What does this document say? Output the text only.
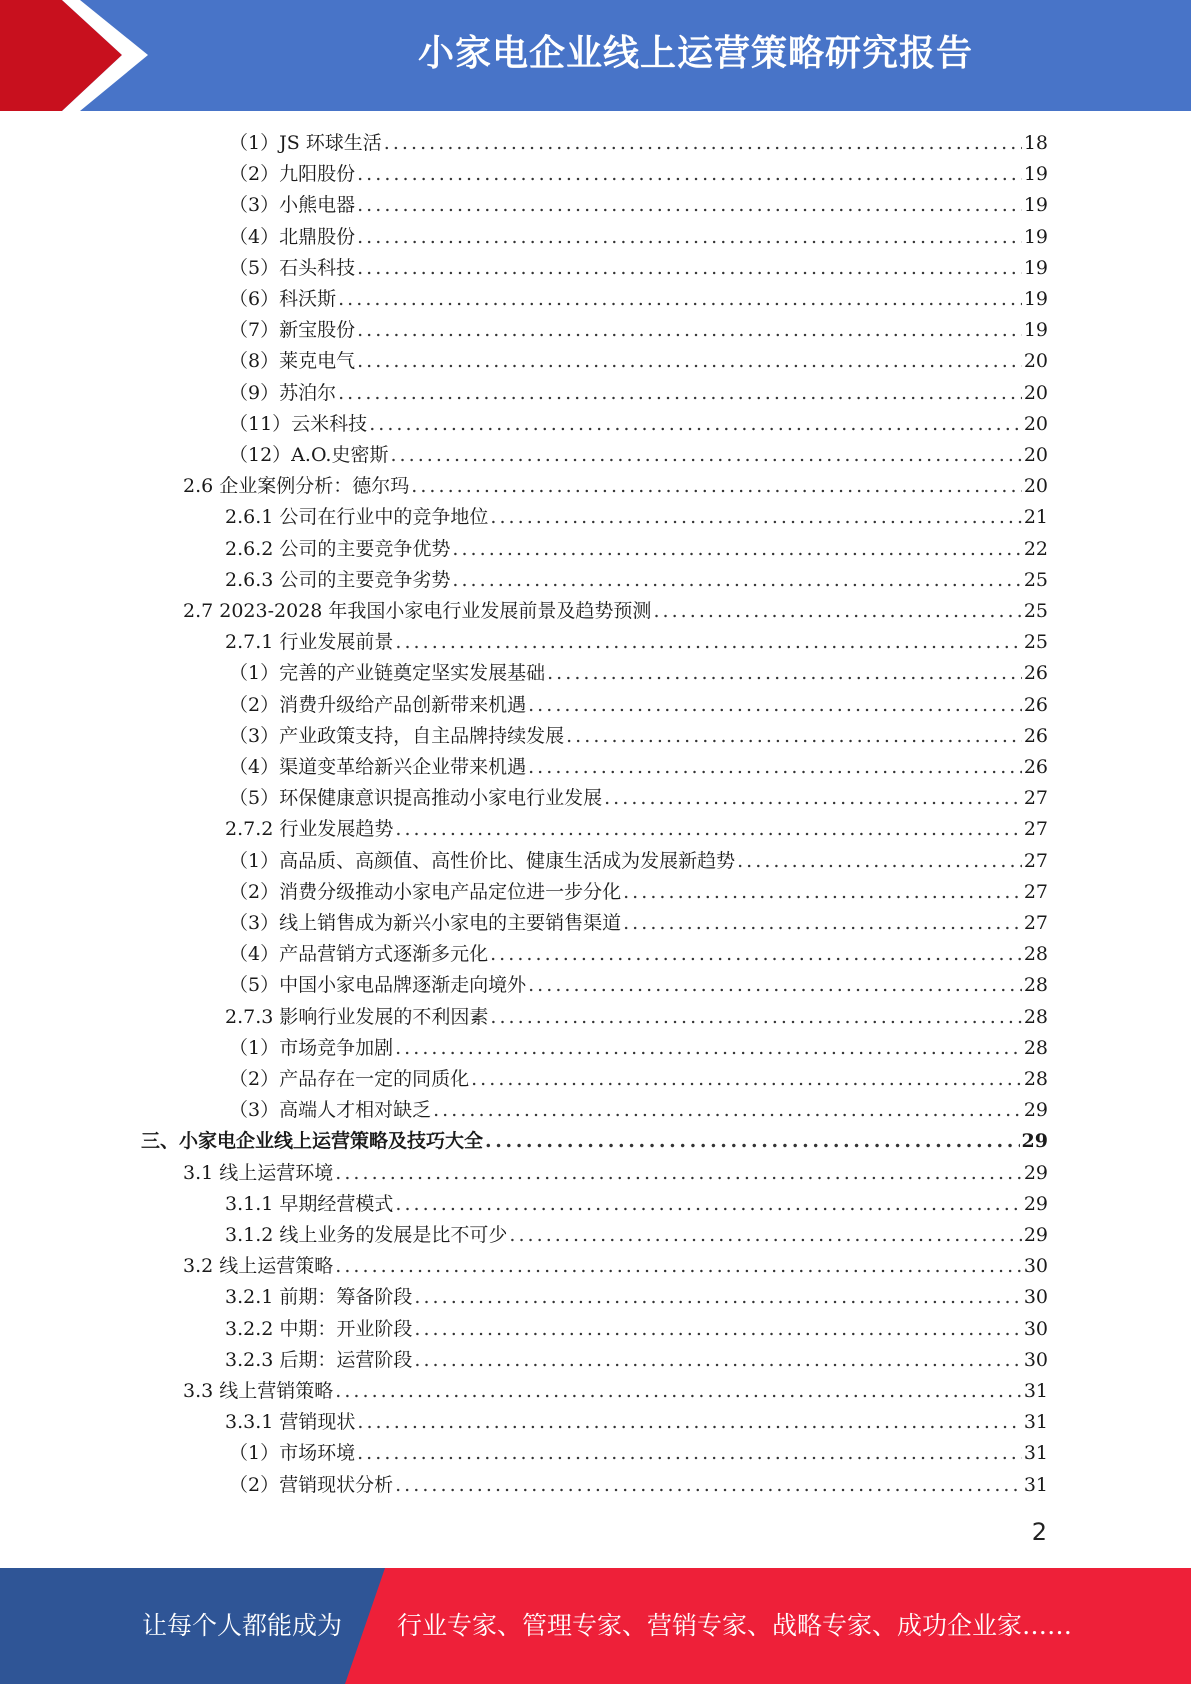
小家电企业线上运营策略研究报告
（1）JS 环球生活 . . .	18
（2）九阳股份 . . .	19
（3）小熊电器 . . .	19
（4）北鼎股份 . . .	19
（5）石头科技 . . .	19
（6）科沃斯 . . .	19
（7）新宝股份 . . .	19
（8）莱克电气 . . .	20
（9）苏泊尔 . . .	20
（11）云米科技 . . .	20
（12）A.O.史密斯 . . .	20
2.6 企业案例分析：德尔玛 . . .	20
2.6.1 公司在行业中的竞争地位 . . .	21
2.6.2 公司的主要竞争优势 . . .	22
2.6.3 公司的主要竞争劣势 . . .	25
2.7 2023-2028 年我国小家电行业发展前景及趋势预测 . . .	25
2.7.1 行业发展前景 . . .	25
（1）完善的产业链奠定坚实发展基础 . . .	26
（2）消费升级给产品创新带来机遇 . . .	26
（3）产业政策支持，自主品牌持续发展 . . .	26
（4）渠道变革给新兴企业带来机遇 . . .	26
（5）环保健康意识提高推动小家电行业发展 . . .	27
2.7.2 行业发展趋势 . . .	27
（1）高品质、高颜值、高性价比、健康生活成为发展新趋势 . . .	27
（2）消费分级推动小家电产品定位进一步分化 . . .	27
（3）线上销售成为新兴小家电的主要销售渠道 . . .	27
（4）产品营销方式逐渐多元化 . . .	28
（5）中国小家电品牌逐渐走向境外 . . .	28
2.7.3 影响行业发展的不利因素 . . .	28
（1）市场竞争加剧 . . .	28
（2）产品存在一定的同质化 . . .	28
（3）高端人才相对缺乏 . . .	29
三、小家电企业线上运营策略及技巧大全 . . .	29
3.1 线上运营环境 . . .	29
3.1.1 早期经营模式 . . .	29
3.1.2 线上业务的发展是比不可少 . . .	29
3.2 线上运营策略 . . .	30
3.2.1 前期：筹备阶段 . . .	30
3.2.2 中期：开业阶段 . . .	30
3.2.3 后期：运营阶段 . . .	30
3.3 线上营销策略 . . .	31
3.3.1 营销现状 . . .	31
（1）市场环境 . . .	31
（2）营销现状分析 . . .	31
2
让每个人都能成为 行业专家、管理专家、营销专家、战略专家、成功企业家……
